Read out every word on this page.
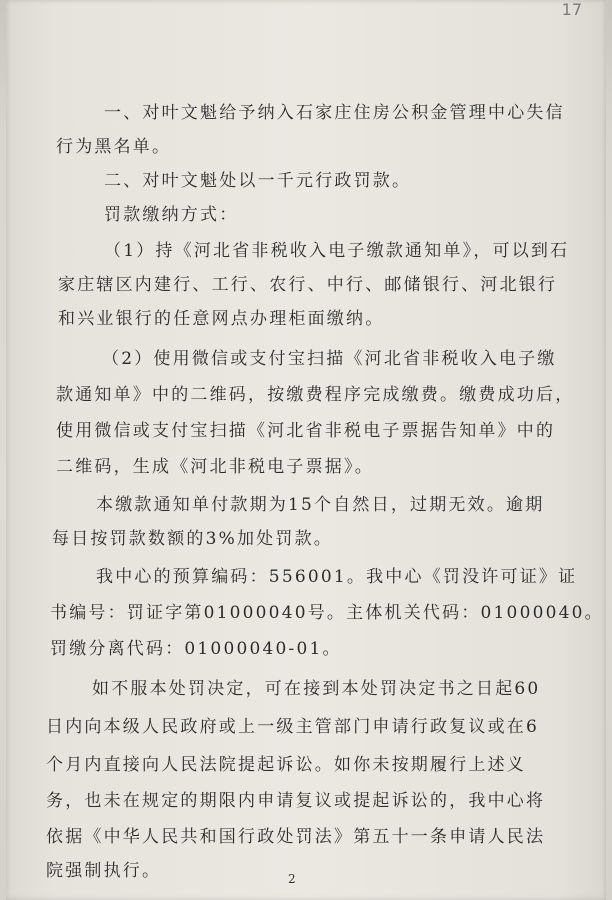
17
一、对叶文魁给予纳入石家庄住房公积金管理中心失信
行为黑名单。
二、对叶文魁处以一千元行政罚款。
罚款缴纳方式：
（1）持《河北省非税收入电子缴款通知单》，可以到石
家庄辖区内建行、工行、农行、中行、邮储银行、河北银行
和兴业银行的任意网点办理柜面缴纳。
（2）使用微信或支付宝扫描《河北省非税收入电子缴
款通知单》中的二维码，按缴费程序完成缴费。缴费成功后，
使用微信或支付宝扫描《河北省非税电子票据告知单》中的
二维码，生成《河北非税电子票据》。
本缴款通知单付款期为15个自然日，过期无效。逾期
每日按罚款数额的3%加处罚款。
我中心的预算编码：556001。我中心《罚没许可证》证
书编号：罚证字第01000040号。主体机关代码：01000040。
罚缴分离代码：01000040-01。
如不服本处罚决定，可在接到本处罚决定书之日起60
日内向本级人民政府或上一级主管部门申请行政复议或在6
个月内直接向人民法院提起诉讼。如你未按期履行上述义
务，也未在规定的期限内申请复议或提起诉讼的，我中心将
依据《中华人民共和国行政处罚法》第五十一条申请人民法
院强制执行。	2
